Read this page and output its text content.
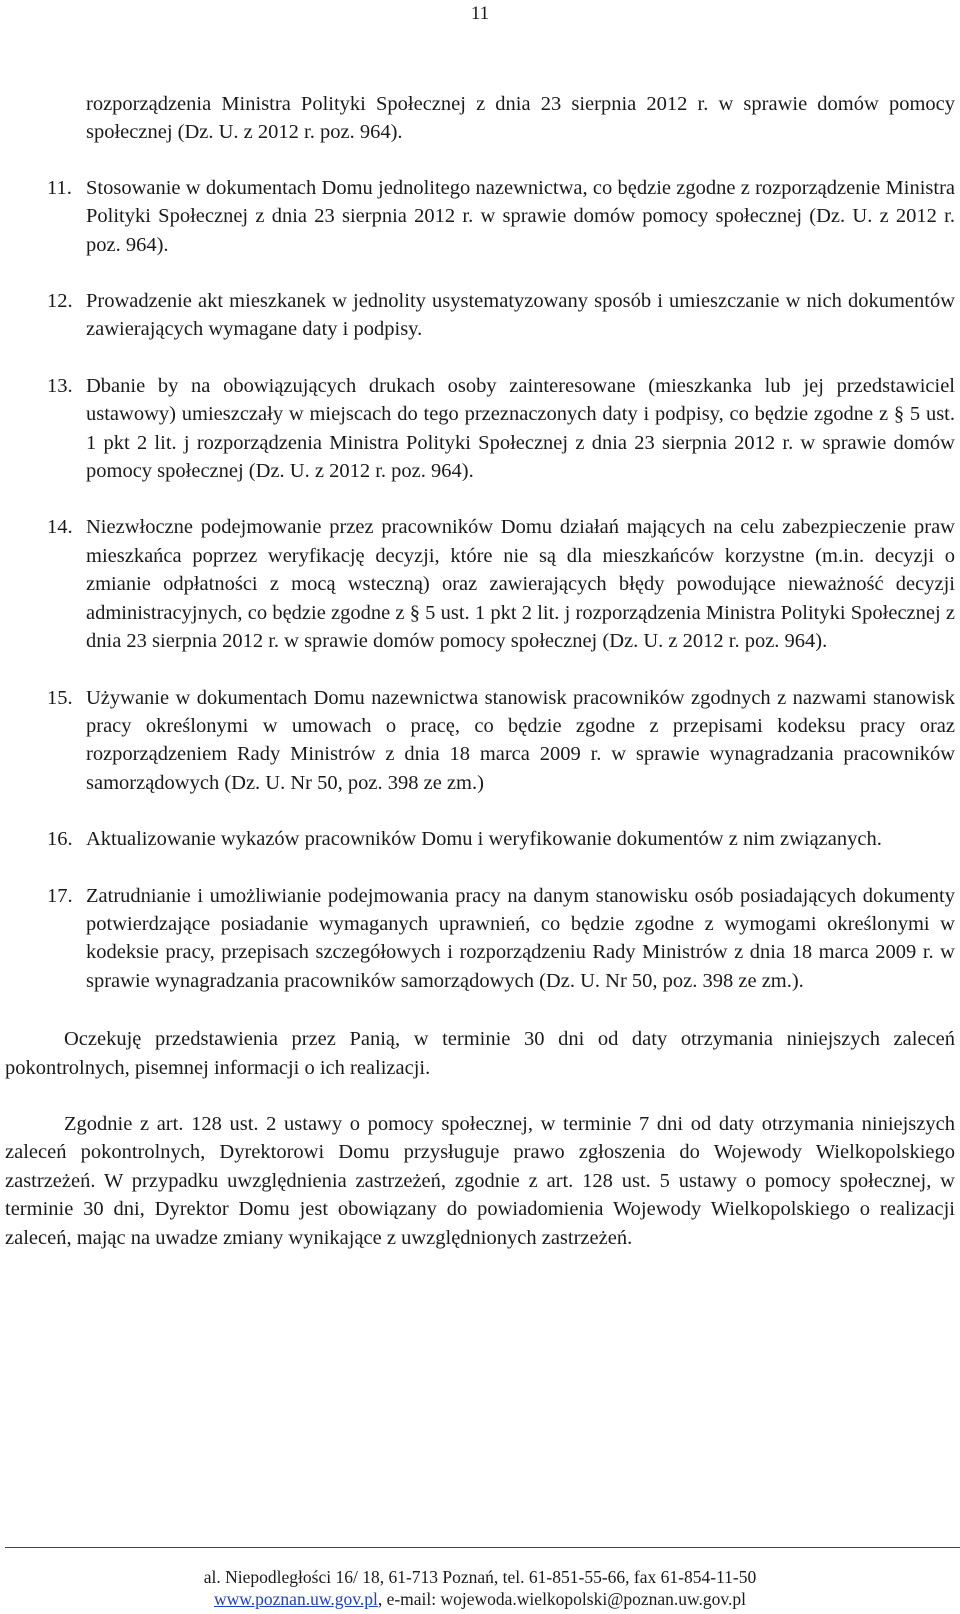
11
rozporządzenia Ministra Polityki Społecznej z dnia 23 sierpnia 2012 r. w sprawie domów pomocy społecznej (Dz. U. z 2012 r. poz. 964).
11. Stosowanie w dokumentach Domu jednolitego nazewnictwa, co będzie zgodne z rozporządzenie Ministra Polityki Społecznej z dnia 23 sierpnia 2012 r. w sprawie domów pomocy społecznej (Dz. U. z 2012 r. poz. 964).
12. Prowadzenie akt mieszkanek w jednolity usystematyzowany sposób i umieszczanie w nich dokumentów zawierających wymagane daty i podpisy.
13. Dbanie by na obowiązujących drukach osoby zainteresowane (mieszkanka lub jej przedstawiciel ustawowy) umieszczały w miejscach do tego przeznaczonych daty i podpisy, co będzie zgodne z § 5 ust. 1 pkt 2 lit. j rozporządzenia Ministra Polityki Społecznej z dnia 23 sierpnia 2012 r. w sprawie domów pomocy społecznej (Dz. U. z 2012 r. poz. 964).
14. Niezwłoczne podejmowanie przez pracowników Domu działań mających na celu zabezpieczenie praw mieszkańca poprzez weryfikację decyzji, które nie są dla mieszkańców korzystne (m.in. decyzji o zmianie odpłatności z mocą wsteczną) oraz zawierających błędy powodujące nieważność decyzji administracyjnych, co będzie zgodne z § 5 ust. 1 pkt 2 lit. j rozporządzenia Ministra Polityki Społecznej z dnia 23 sierpnia 2012 r. w sprawie domów pomocy społecznej (Dz. U. z 2012 r. poz. 964).
15. Używanie w dokumentach Domu nazewnictwa stanowisk pracowników zgodnych z nazwami stanowisk pracy określonymi w umowach o pracę, co będzie zgodne z przepisami kodeksu pracy oraz rozporządzeniem Rady Ministrów z dnia 18 marca 2009 r. w sprawie wynagradzania pracowników samorządowych (Dz. U. Nr 50, poz. 398 ze zm.)
16. Aktualizowanie wykazów pracowników Domu i weryfikowanie dokumentów z nim związanych.
17. Zatrudnianie i umożliwianie podejmowania pracy na danym stanowisku osób posiadających dokumenty potwierdzające posiadanie wymaganych uprawnień, co będzie zgodne z wymogami określonymi w kodeksie pracy, przepisach szczegółowych i rozporządzeniu Rady Ministrów z dnia 18 marca 2009 r. w sprawie wynagradzania pracowników samorządowych (Dz. U. Nr 50, poz. 398 ze zm.).
Oczekuję przedstawienia przez Panią, w terminie 30 dni od daty otrzymania niniejszych zaleceń pokontrolnych, pisemnej informacji o ich realizacji.
Zgodnie z art. 128 ust. 2 ustawy o pomocy społecznej, w terminie 7 dni od daty otrzymania niniejszych zaleceń pokontrolnych, Dyrektorowi Domu przysługuje prawo zgłoszenia do Wojewody Wielkopolskiego zastrzeżeń. W przypadku uwzględnienia zastrzeżeń, zgodnie z art. 128 ust. 5 ustawy o pomocy społecznej, w terminie 30 dni, Dyrektor Domu jest obowiązany do powiadomienia Wojewody Wielkopolskiego o realizacji zaleceń, mając na uwadze zmiany wynikające z uwzględnionych zastrzeżeń.
al. Niepodległości 16/ 18, 61-713 Poznań, tel. 61-851-55-66, fax 61-854-11-50
www.poznan.uw.gov.pl, e-mail: wojewoda.wielkopolski@poznan.uw.gov.pl
